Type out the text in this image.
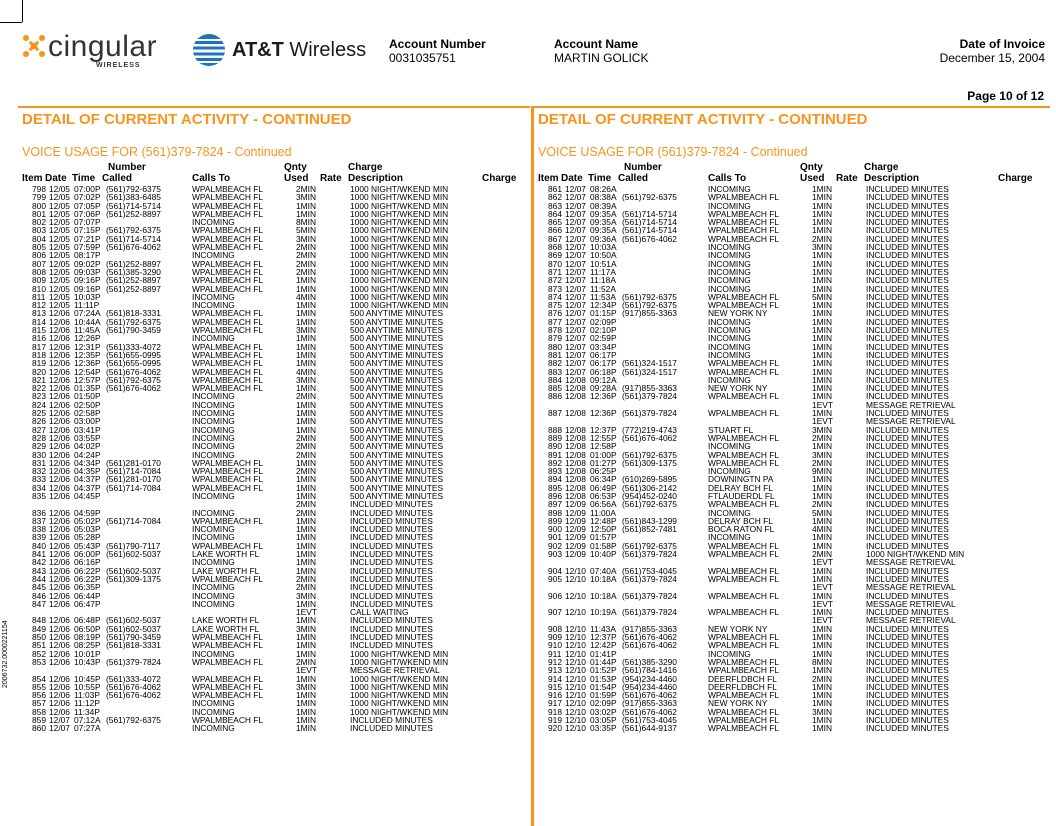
cingular
WIRELESS
AT&T Wireless Account Number
0031035751
Account Name
MARTIN GOLICK
Date of Invoice
December 15, 2004
Page 10 of 12
DETAIL OF CURRENT ACTIVITY - CONTINUED	DETAIL OF CURRENT ACTIVITY - CONTINUED
VOICE USAGE FOR (561)379-7824 - Continued	VOICE USAGE FOR (561)379-7824 - Continued
Number	Qnty	Charge
Item Date Time Called	Calls To	Used Rate Description	Charge
798 12/05 07:00P (561)792-6375	WPALMBEACH FL	2MIN	1000 NIGHT/WKEND MIN
799 12/05 07:02P (561)383-6485	WPALMBEACH FL	3MIN	1000 NIGHT/WKEND MIN
800 12/05 07:05P (561)714-5714	WPALMBEACH FL	1MIN	1000 NIGHT/WKEND MIN
801 12/05 07:06P (561)252-8897	WPALMBEACH FL	1MIN	1000 NIGHT/WKEND MIN
802 12/05 07:07P	INCOMING	8MIN	1000 NIGHT/WKEND MIN
803 12/05 07:15P (561)792-6375	WPALMBEACH FL	5MIN	1000 NIGHT/WKEND MIN
804 12/05 07:21P (561)714-5714	WPALMBEACH FL	3MIN	1000 NIGHT/WKEND MIN
805 12/05 07:59P (561)676-4062	WPALMBEACH FL	2MIN	1000 NIGHT/WKEND MIN
806 12/05 08:17P	INCOMING	2MIN	1000 NIGHT/WKEND MIN
807 12/05 09:02P (561)252-8897	WPALMBEACH FL	2MIN	1000 NIGHT/WKEND MIN
808 12/05 09:03P (561)385-3290	WPALMBEACH FL	2MIN	1000 NIGHT/WKEND MIN
809 12/05 09:16P (561)252-8897	WPALMBEACH FL	1MIN	1000 NIGHT/WKEND MIN
810 12/05 09:16P (561)252-8897	WPALMBEACH FL	1MIN	1000 NIGHT/WKEND MIN
811 12/05 10:03P	INCOMING	4MIN	1000 NIGHT/WKEND MIN
812 12/05 11:11P	INCOMING	1MIN	1000 NIGHT/WKEND MIN
813 12/06 07:24A (561)818-3331	WPALMBEACH FL	1MIN	500 ANYTIME MINUTES
814 12/06 10:44A (561)792-6375	WPALMBEACH FL	1MIN	500 ANYTIME MINUTES
815 12/06 11:45A (561)790-3459	WPALMBEACH FL	3MIN	500 ANYTIME MINUTES
816 12/06 12:26P	INCOMING	1MIN	500 ANYTIME MINUTES
817 12/06 12:31P (561)333-4072	WPALMBEACH FL	1MIN	500 ANYTIME MINUTES
818 12/06 12:35P (561)655-0995	WPALMBEACH FL	1MIN	500 ANYTIME MINUTES
819 12/06 12:36P (561)655-0995	WPALMBEACH FL	1MIN	500 ANYTIME MINUTES
820 12/06 12:54P (561)676-4062	WPALMBEACH FL	4MIN	500 ANYTIME MINUTES
821 12/06 12:57P (561)792-6375	WPALMBEACH FL	3MIN	500 ANYTIME MINUTES
822 12/06 01:35P (561)676-4062	WPALMBEACH FL	1MIN	500 ANYTIME MINUTES
823 12/06 01:50P	INCOMING	2MIN	500 ANYTIME MINUTES
824 12/06 02:50P	INCOMING	1MIN	500 ANYTIME MINUTES
825 12/06 02:58P	INCOMING	1MIN	500 ANYTIME MINUTES
826 12/06 03:00P	INCOMING	1MIN	500 ANYTIME MINUTES
827 12/06 03:41P	INCOMING	1MIN	500 ANYTIME MINUTES
828 12/06 03:55P	INCOMING	2MIN	500 ANYTIME MINUTES
829 12/06 04:02P	INCOMING	2MIN	500 ANYTIME MINUTES
830 12/06 04:24P	INCOMING	2MIN	500 ANYTIME MINUTES
831 12/06 04:34P (561)281-0170	WPALMBEACH FL	1MIN	500 ANYTIME MINUTES
832 12/06 04:35P (561)714-7084	WPALMBEACH FL	2MIN	500 ANYTIME MINUTES
833 12/06 04:37P (561)281-0170	WPALMBEACH FL	1MIN	500 ANYTIME MINUTES
834 12/06 04:37P (561)714-7084	WPALMBEACH FL	1MIN	500 ANYTIME MINUTES
835 12/06 04:45P	INCOMING	1MIN	500 ANYTIME MINUTES
2MIN	INCLUDED MINUTES
836 12/06 04:59P	INCOMING	2MIN	INCLUDED MINUTES
837 12/06 05:02P (561)714-7084	WPALMBEACH FL	1MIN	INCLUDED MINUTES
838 12/06 05:03P	INCOMING	1MIN	INCLUDED MINUTES
839 12/06 05:28P	INCOMING	1MIN	INCLUDED MINUTES
840 12/06 05:43P (561)790-7117	WPALMBEACH FL	1MIN	INCLUDED MINUTES
841 12/06 06:00P (561)602-5037	LAKE WORTH FL	1MIN	INCLUDED MINUTES
842 12/06 06:16P	INCOMING	1MIN	INCLUDED MINUTES
843 12/06 06:22P (561)602-5037	LAKE WORTH FL	1MIN	INCLUDED MINUTES
844 12/06 06:22P (561)309-1375	WPALMBEACH FL	2MIN	INCLUDED MINUTES
845 12/06 06:35P	INCOMING	2MIN	INCLUDED MINUTES
846 12/06 06:44P	INCOMING	3MIN	INCLUDED MINUTES
847 12/06 06:47P	INCOMING	1MIN	INCLUDED MINUTES
1EVT	CALL WAITING
848 12/06 06:48P (561)602-5037	LAKE WORTH FL	1MIN	INCLUDED MINUTES
849 12/06 06:50P (561)602-5037	LAKE WORTH FL	3MIN	INCLUDED MINUTES
850 12/06 08:19P (561)790-3459	WPALMBEACH FL	1MIN	INCLUDED MINUTES
851 12/06 08:25P (561)818-3331	WPALMBEACH FL	1MIN	INCLUDED MINUTES
852 12/06 10:01P	INCOMING	1MIN	1000 NIGHT/WKEND MIN
853 12/06 10:43P (561)379-7824	WPALMBEACH FL	2MIN	1000 NIGHT/WKEND MIN
1EVT	MESSAGE RETRIEVAL
854 12/06 10:45P (561)333-4072	WPALMBEACH FL	1MIN	1000 NIGHT/WKEND MIN
855 12/06 10:55P (561)676-4062	WPALMBEACH FL	3MIN	1000 NIGHT/WKEND MIN
856 12/06 11:03P (561)676-4062	WPALMBEACH FL	1MIN	1000 NIGHT/WKEND MIN
857 12/06 11:12P	INCOMING	1MIN	1000 NIGHT/WKEND MIN
858 12/06 11:34P	INCOMING	1MIN	1000 NIGHT/WKEND MIN
859 12/07 07:12A (561)792-6375	WPALMBEACH FL	1MIN	INCLUDED MINUTES
860 12/07 07:27A	INCOMING	1MIN	INCLUDED MINUTES
Number	Qnty	Charge
Item Date Time Called	Calls To	Used Rate Description	Charge
861 12/07 08:26A	INCOMING	1MIN	INCLUDED MINUTES
862 12/07 08:38A (561)792-6375	WPALMBEACH FL	1MIN	INCLUDED MINUTES
863 12/07 08:39A	INCOMING	1MIN	INCLUDED MINUTES
864 12/07 09:35A (561)714-5714	WPALMBEACH FL	1MIN	INCLUDED MINUTES
865 12/07 09:35A (561)714-5714	WPALMBEACH FL	1MIN	INCLUDED MINUTES
866 12/07 09:35A (561)714-5714	WPALMBEACH FL	1MIN	INCLUDED MINUTES
867 12/07 09:36A (561)676-4062	WPALMBEACH FL	2MIN	INCLUDED MINUTES
868 12/07 10:03A	INCOMING	3MIN	INCLUDED MINUTES
869 12/07 10:50A	INCOMING	1MIN	INCLUDED MINUTES
870 12/07 10:51A	INCOMING	1MIN	INCLUDED MINUTES
871 12/07 11:17A	INCOMING	1MIN	INCLUDED MINUTES
872 12/07 11:18A	INCOMING	1MIN	INCLUDED MINUTES
873 12/07 11:52A	INCOMING	1MIN	INCLUDED MINUTES
874 12/07 11:53A (561)792-6375	WPALMBEACH FL	5MIN	INCLUDED MINUTES
875 12/07 12:34P (561)792-6375	WPALMBEACH FL	1MIN	INCLUDED MINUTES
876 12/07 01:15P (917)855-3363	NEW YORK NY	1MIN	INCLUDED MINUTES
877 12/07 02:09P	INCOMING	1MIN	INCLUDED MINUTES
878 12/07 02:10P	INCOMING	1MIN	INCLUDED MINUTES
879 12/07 02:59P	INCOMING	1MIN	INCLUDED MINUTES
880 12/07 03:34P	INCOMING	1MIN	INCLUDED MINUTES
881 12/07 06:17P	INCOMING	1MIN	INCLUDED MINUTES
882 12/07 06:17P (561)324-1517	WPALMBEACH FL	1MIN	INCLUDED MINUTES
883 12/07 06:18P (561)324-1517	WPALMBEACH FL	1MIN	INCLUDED MINUTES
884 12/08 09:12A	INCOMING	1MIN	INCLUDED MINUTES
885 12/08 09:28A (917)855-3363	NEW YORK NY	1MIN	INCLUDED MINUTES
886 12/08 12:36P (561)379-7824	WPALMBEACH FL	1MIN	INCLUDED MINUTES
1EVT	MESSAGE RETRIEVAL
887 12/08 12:36P (561)379-7824	WPALMBEACH FL	1MIN	INCLUDED MINUTES
1EVT	MESSAGE RETRIEVAL
888 12/08 12:37P (772)219-4743	STUART FL	3MIN	INCLUDED MINUTES
889 12/08 12:55P (561)676-4062	WPALMBEACH FL	2MIN	INCLUDED MINUTES
890 12/08 12:58P	INCOMING	1MIN	INCLUDED MINUTES
891 12/08 01:00P (561)792-6375	WPALMBEACH FL	3MIN	INCLUDED MINUTES
892 12/08 01:27P (561)309-1375	WPALMBEACH FL	2MIN	INCLUDED MINUTES
893 12/08 06:25P	INCOMING	9MIN	INCLUDED MINUTES
894 12/08 06:34P (610)269-5895	DOWNINGTN PA	1MIN	INCLUDED MINUTES
895 12/08 06:49P (561)306-2142	DELRAY BCH FL	1MIN	INCLUDED MINUTES
896 12/08 06:53P (954)452-0240	FTLAUDERDL FL	1MIN	INCLUDED MINUTES
897 12/09 06:56A (561)792-6375	WPALMBEACH FL	2MIN	INCLUDED MINUTES
898 12/09 11:00A	INCOMING	5MIN	INCLUDED MINUTES
899 12/09 12:48P (561)843-1299	DELRAY BCH FL	1MIN	INCLUDED MINUTES
900 12/09 12:50P (561)852-7481	BOCA RATON FL	4MIN	INCLUDED MINUTES
901 12/09 01:57P	INCOMING	1MIN	INCLUDED MINUTES
902 12/09 01:58P (561)792-6375	WPALMBEACH FL	1MIN	INCLUDED MINUTES
903 12/09 10:40P (561)379-7824	WPALMBEACH FL	2MIN	1000 NIGHT/WKEND MIN
1EVT	MESSAGE RETRIEVAL
904 12/10 07:40A (561)753-4045	WPALMBEACH FL	1MIN	INCLUDED MINUTES
905 12/10 10:18A (561)379-7824	WPALMBEACH FL	1MIN	INCLUDED MINUTES
1EVT	MESSAGE RETRIEVAL
906 12/10 10:18A (561)379-7824	WPALMBEACH FL	1MIN	INCLUDED MINUTES
1EVT	MESSAGE RETRIEVAL
907 12/10 10:19A (561)379-7824	WPALMBEACH FL	1MIN	INCLUDED MINUTES
1EVT	MESSAGE RETRIEVAL
908 12/10 11:43A (917)855-3363	NEW YORK NY	1MIN	INCLUDED MINUTES
909 12/10 12:37P (561)676-4062	WPALMBEACH FL	1MIN	INCLUDED MINUTES
910 12/10 12:42P (561)676-4062	WPALMBEACH FL	1MIN	INCLUDED MINUTES
911 12/10 01:41P	INCOMING	1MIN	INCLUDED MINUTES
912 12/10 01:44P (561)385-3290	WPALMBEACH FL	8MIN	INCLUDED MINUTES
913 12/10 01:52P (561)784-1416	WPALMBEACH FL	1MIN	INCLUDED MINUTES
914 12/10 01:53P (954)234-4460	DEERFLDBCH FL	2MIN	INCLUDED MINUTES
915 12/10 01:54P (954)234-4460	DEERFLDBCH FL	1MIN	INCLUDED MINUTES
916 12/10 01:59P (561)676-4062	WPALMBEACH FL	1MIN	INCLUDED MINUTES
917 12/10 02:09P (917)855-3363	NEW YORK NY	1MIN	INCLUDED MINUTES
918 12/10 03:02P (561)676-4062	WPALMBEACH FL	3MIN	INCLUDED MINUTES
919 12/10 03:05P (561)753-4045	WPALMBEACH FL	1MIN	INCLUDED MINUTES
920 12/10 03:35P (561)644-9137	WPALMBEACH FL	1MIN	INCLUDED MINUTES
2006732.0000221154
